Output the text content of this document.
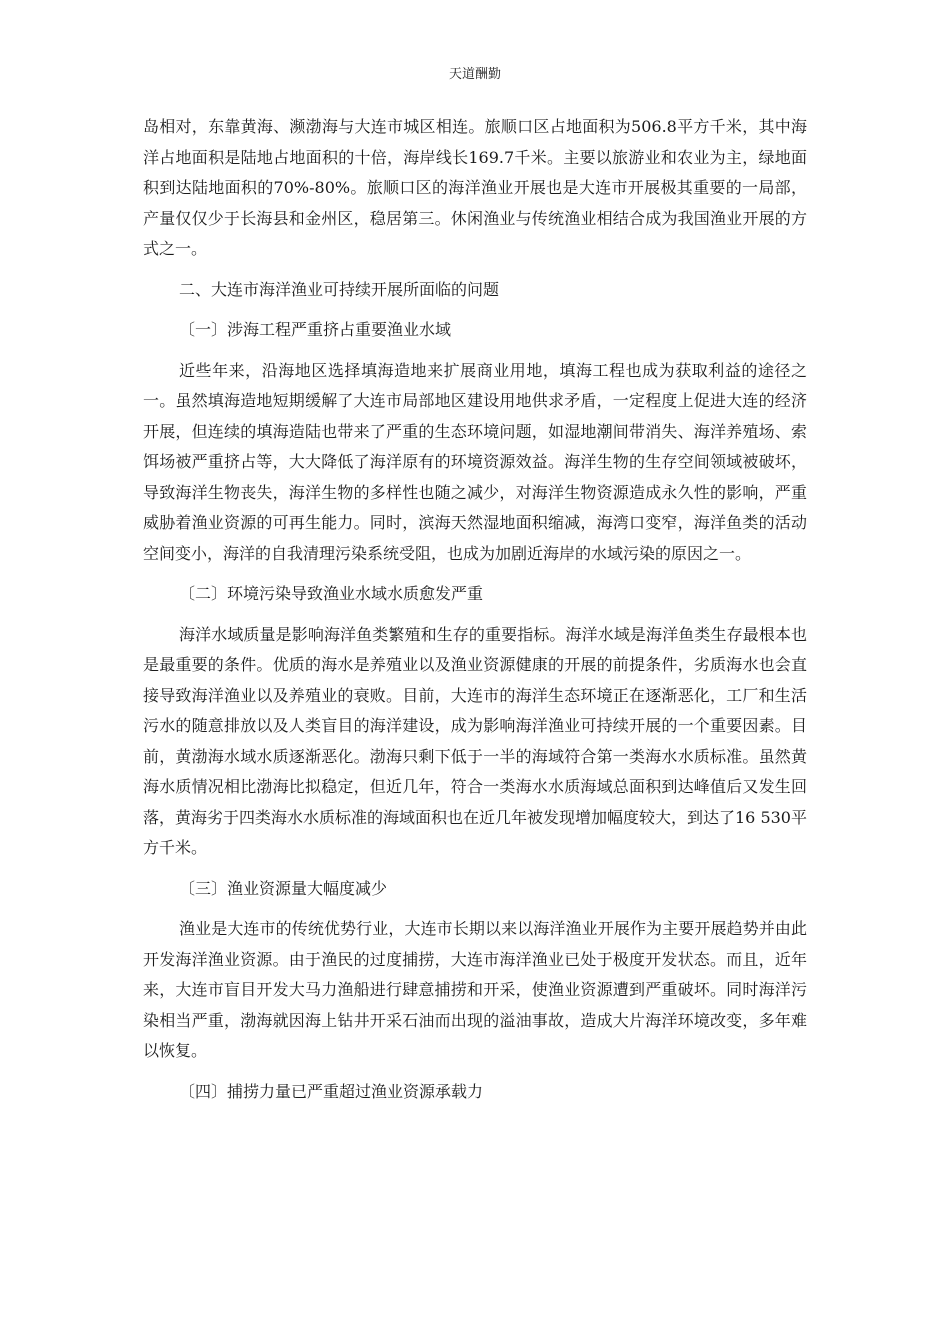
天道酬勤

岛相对，东靠黄海、濒渤海与大连市城区相连。旅顺口区占地面积为506.8平方千米，其中海洋占地面积是陆地占地面积的十倍，海岸线长169.7千米。主要以旅游业和农业为主，绿地面积到达陆地面积的70%-80%。旅顺口区的海洋渔业开展也是大连市开展极其重要的一局部，产量仅仅少于长海县和金州区，稳居第三。休闲渔业与传统渔业相结合成为我国渔业开展的方式之一。

二、大连市海洋渔业可持续开展所面临的问题

〔一〕涉海工程严重挤占重要渔业水域

近些年来，沿海地区选择填海造地来扩展商业用地，填海工程也成为获取利益的途径之一。虽然填海造地短期缓解了大连市局部地区建设用地供求矛盾，一定程度上促进大连的经济开展，但连续的填海造陆也带来了严重的生态环境问题，如湿地潮间带消失、海洋养殖场、索饵场被严重挤占等，大大降低了海洋原有的环境资源效益。海洋生物的生存空间领域被破坏，导致海洋生物丧失，海洋生物的多样性也随之减少，对海洋生物资源造成永久性的影响，严重威胁着渔业资源的可再生能力。同时，滨海天然湿地面积缩减，海湾口变窄，海洋鱼类的活动空间变小，海洋的自我清理污染系统受阻，也成为加剧近海岸的水域污染的原因之一。

〔二〕环境污染导致渔业水域水质愈发严重

海洋水域质量是影响海洋鱼类繁殖和生存的重要指标。海洋水域是海洋鱼类生存最根本也是最重要的条件。优质的海水是养殖业以及渔业资源健康的开展的前提条件，劣质海水也会直接导致海洋渔业以及养殖业的衰败。目前，大连市的海洋生态环境正在逐渐恶化，工厂和生活污水的随意排放以及人类盲目的海洋建设，成为影响海洋渔业可持续开展的一个重要因素。目前，黄渤海水域水质逐渐恶化。渤海只剩下低于一半的海域符合第一类海水水质标准。虽然黄海水质情况相比渤海比拟稳定，但近几年，符合一类海水水质海域总面积到达峰值后又发生回落，黄海劣于四类海水水质标准的海域面积也在近几年被发现增加幅度较大，到达了16 530平方千米。

〔三〕渔业资源量大幅度减少

渔业是大连市的传统优势行业，大连市长期以来以海洋渔业开展作为主要开展趋势并由此开发海洋渔业资源。由于渔民的过度捕捞，大连市海洋渔业已处于极度开发状态。而且，近年来，大连市盲目开发大马力渔船进行肆意捕捞和开采，使渔业资源遭到严重破坏。同时海洋污染相当严重，渤海就因海上钻井开采石油而出现的溢油事故，造成大片海洋环境改变，多年难以恢复。

〔四〕捕捞力量已严重超过渔业资源承载力
